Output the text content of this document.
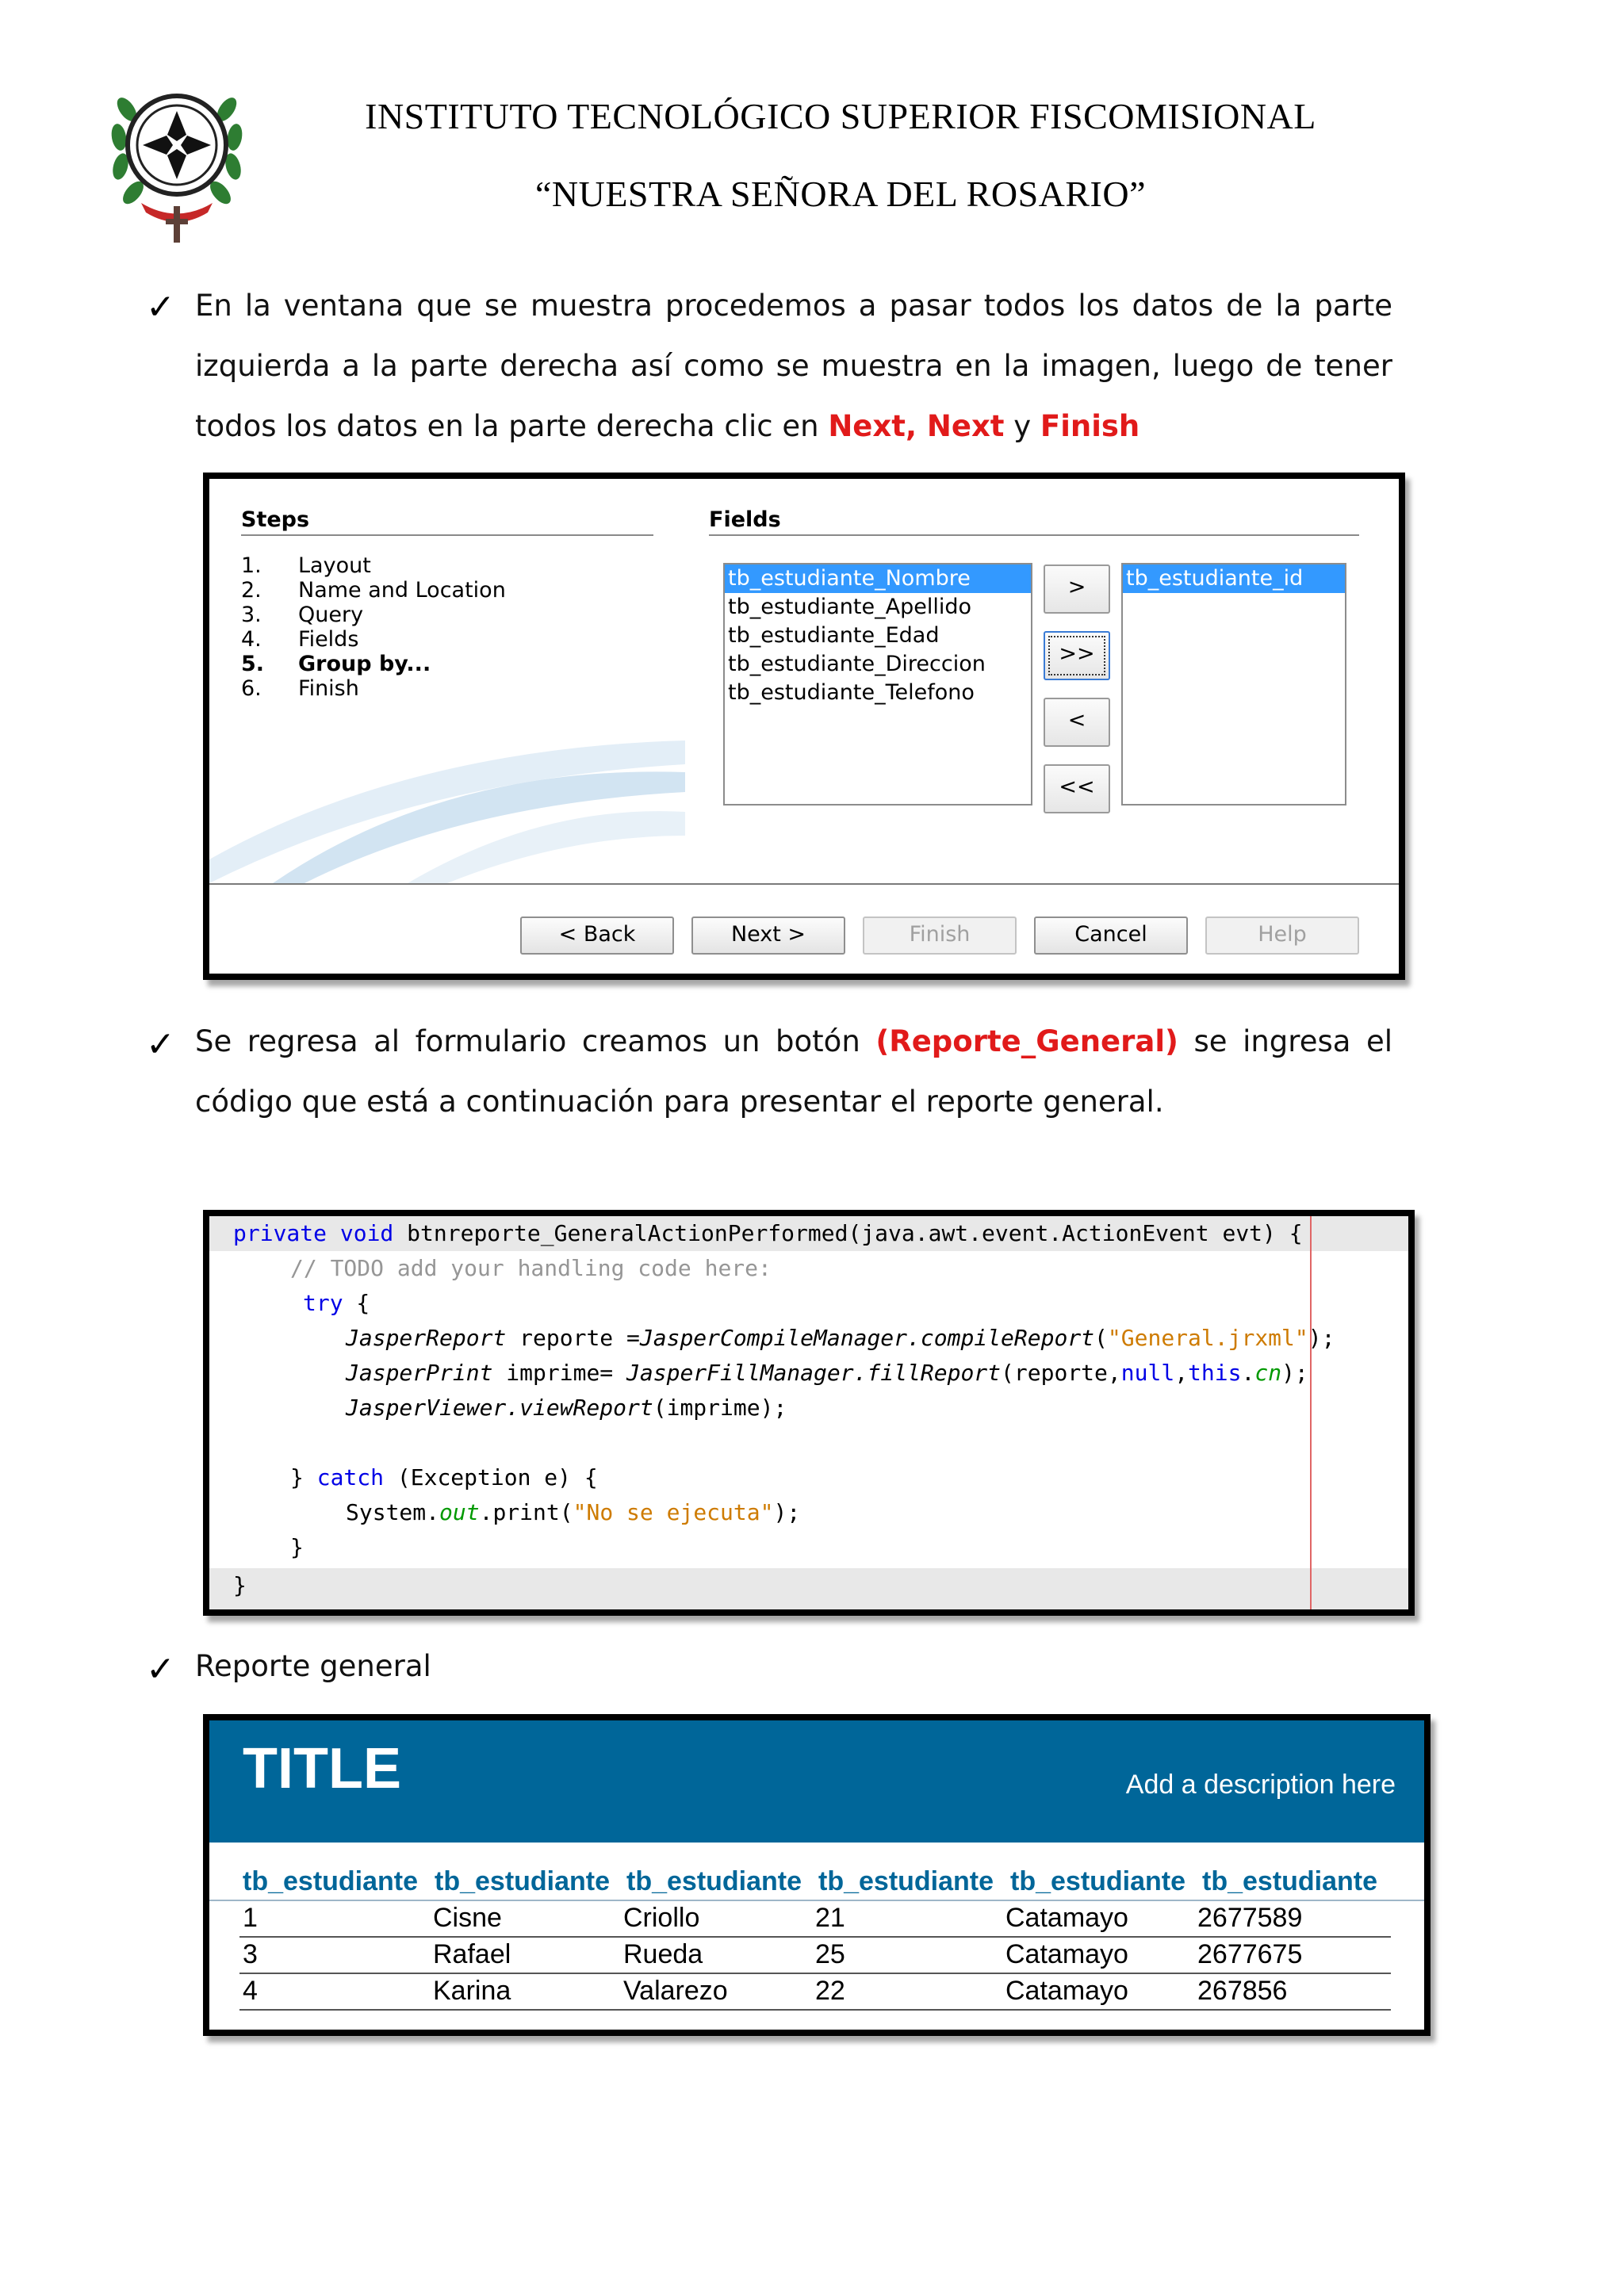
INSTITUTO TECNOLÓGICO SUPERIOR FISCOMISIONAL
“NUESTRA SEÑORA DEL ROSARIO”
✓ En la ventana que se muestra procedemos a pasar todos los datos de la parte izquierda a la parte derecha así como se muestra en la imagen, luego de tener todos los datos en la parte derecha clic en Next, Next y Finish
Steps
1. Layout
2. Name and Location
3. Query
4. Fields
5. Group by...
6. Finish
Fields
tb_estudiante_Nombre
tb_estudiante_Apellido
tb_estudiante_Edad
tb_estudiante_Direccion
tb_estudiante_Telefono
>
>>
<
<<
tb_estudiante_id
< Back	Next >	Finish	Cancel	Help
✓ Se regresa al formulario creamos un botón (Reporte_General) se ingresa el código que está a continuación para presentar el reporte general.
private void btnreporte_GeneralActionPerformed(java.awt.event.ActionEvent evt) {
// TODO add your handling code here:
try {
JasperReport reporte =JasperCompileManager.compileReport("General.jrxml");
JasperPrint imprime= JasperFillManager.fillReport(reporte,null,this.cn);
JasperViewer.viewReport(imprime);
} catch (Exception e) {
System.out.print("No se ejecuta");
}
}
✓ Reporte general
TITLE	Add a description here
tb_estudiante tb_estudiante tb_estudiante tb_estudiante tb_estudiante tb_estudiante
1	Cisne	Criollo	21	Catamayo	2677589
3	Rafael	Rueda	25	Catamayo	2677675
4	Karina	Valarezo	22	Catamayo	267856
